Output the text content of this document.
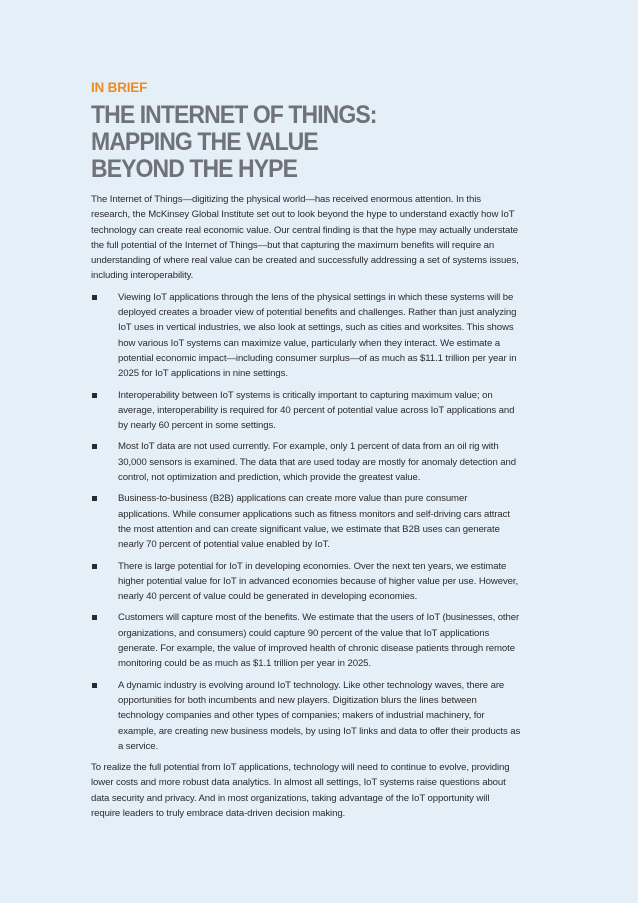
IN BRIEF
THE INTERNET OF THINGS:
MAPPING THE VALUE
BEYOND THE HYPE

The Internet of Things—digitizing the physical world—has received enormous attention. In this research, the McKinsey Global Institute set out to look beyond the hype to understand exactly how IoT technology can create real economic value. Our central finding is that the hype may actually understate the full potential of the Internet of Things—but that capturing the maximum benefits will require an understanding of where real value can be created and successfully addressing a set of systems issues, including interoperability.

Viewing IoT applications through the lens of the physical settings in which these systems will be deployed creates a broader view of potential benefits and challenges. Rather than just analyzing IoT uses in vertical industries, we also look at settings, such as cities and worksites. This shows how various IoT systems can maximize value, particularly when they interact. We estimate a potential economic impact—including consumer surplus—of as much as $11.1 trillion per year in 2025 for IoT applications in nine settings.
Interoperability between IoT systems is critically important to capturing maximum value; on average, interoperability is required for 40 percent of potential value across IoT applications and by nearly 60 percent in some settings.
Most IoT data are not used currently. For example, only 1 percent of data from an oil rig with 30,000 sensors is examined. The data that are used today are mostly for anomaly detection and control, not optimization and prediction, which provide the greatest value.
Business-to-business (B2B) applications can create more value than pure consumer applications. While consumer applications such as fitness monitors and self-driving cars attract the most attention and can create significant value, we estimate that B2B uses can generate nearly 70 percent of potential value enabled by IoT.
There is large potential for IoT in developing economies. Over the next ten years, we estimate higher potential value for IoT in advanced economies because of higher value per use. However, nearly 40 percent of value could be generated in developing economies.
Customers will capture most of the benefits. We estimate that the users of IoT (businesses, other organizations, and consumers) could capture 90 percent of the value that IoT applications generate. For example, the value of improved health of chronic disease patients through remote monitoring could be as much as $1.1 trillion per year in 2025.
A dynamic industry is evolving around IoT technology. Like other technology waves, there are opportunities for both incumbents and new players. Digitization blurs the lines between technology companies and other types of companies; makers of industrial machinery, for example, are creating new business models, by using IoT links and data to offer their products as a service.

To realize the full potential from IoT applications, technology will need to continue to evolve, providing lower costs and more robust data analytics. In almost all settings, IoT systems raise questions about data security and privacy. And in most organizations, taking advantage of the IoT opportunity will require leaders to truly embrace data-driven decision making.
